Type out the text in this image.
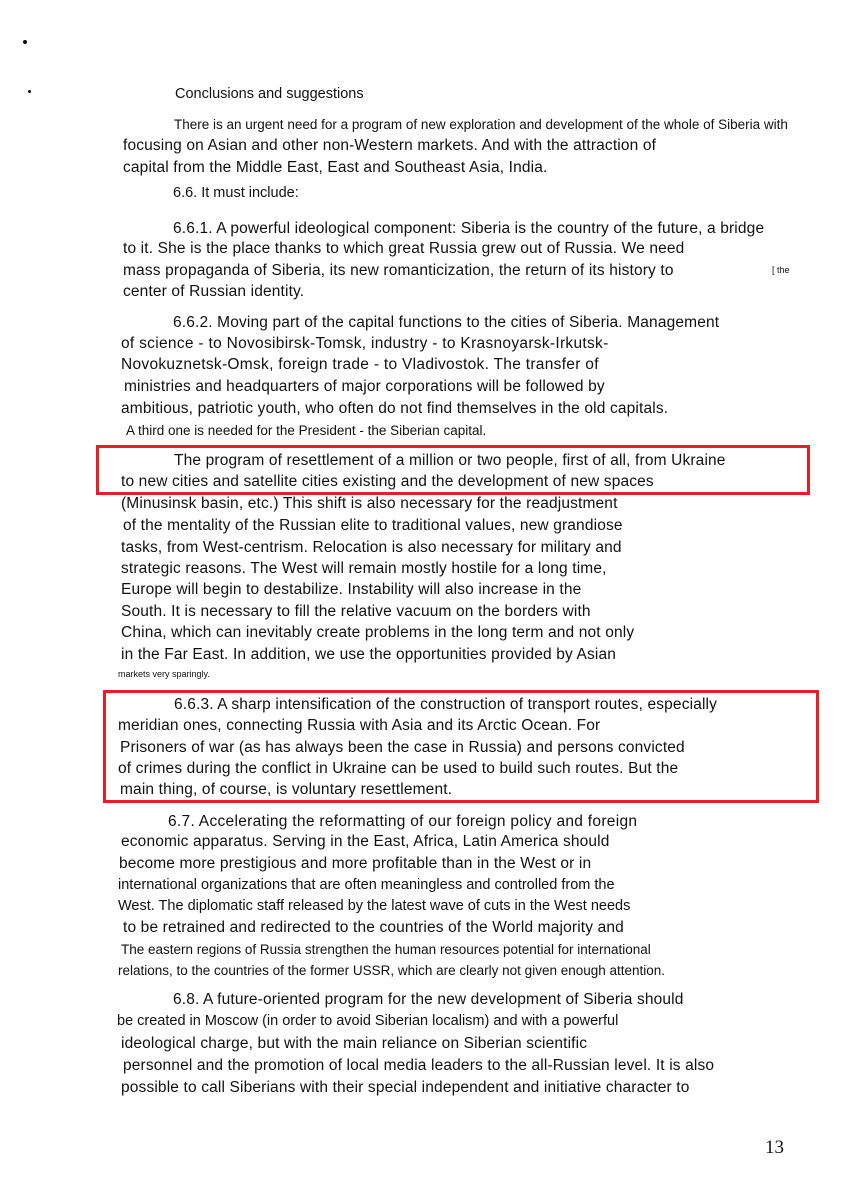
Conclusions and suggestions
There is an urgent need for a program of new exploration and development of the whole of Siberia with
focusing on Asian and other non-Western markets. And with the attraction of
capital from the Middle East, East and Southeast Asia, India.
6.6. It must include:
6.6.1. A powerful ideological component: Siberia is the country of the future, a bridge
to it. She is the place thanks to which great Russia grew out of Russia. We need
mass propaganda of Siberia, its new romanticization, the return of its history to	[ the
center of Russian identity.
6.6.2. Moving part of the capital functions to the cities of Siberia. Management
of science - to Novosibirsk-Tomsk, industry - to Krasnoyarsk-Irkutsk-
Novokuznetsk-Omsk, foreign trade - to Vladivostok. The transfer of
ministries and headquarters of major corporations will be followed by
ambitious, patriotic youth, who often do not find themselves in the old capitals.
A third one is needed for the President - the Siberian capital.
The program of resettlement of a million or two people, first of all, from Ukraine
to new cities and satellite cities existing and the development of new spaces
(Minusinsk basin, etc.) This shift is also necessary for the readjustment
of the mentality of the Russian elite to traditional values, new grandiose
tasks, from West-centrism. Relocation is also necessary for military and
strategic reasons. The West will remain mostly hostile for a long time,
Europe will begin to destabilize. Instability will also increase in the
South. It is necessary to fill the relative vacuum on the borders with
China, which can inevitably create problems in the long term and not only
in the Far East. In addition, we use the opportunities provided by Asian
markets very sparingly.
6.6.3. A sharp intensification of the construction of transport routes, especially
meridian ones, connecting Russia with Asia and its Arctic Ocean. For
Prisoners of war (as has always been the case in Russia) and persons convicted
of crimes during the conflict in Ukraine can be used to build such routes. But the
main thing, of course, is voluntary resettlement.
6.7. Accelerating the reformatting of our foreign policy and foreign
economic apparatus. Serving in the East, Africa, Latin America should
become more prestigious and more profitable than in the West or in
international organizations that are often meaningless and controlled from the
West. The diplomatic staff released by the latest wave of cuts in the West needs
to be retrained and redirected to the countries of the World majority and
The eastern regions of Russia strengthen the human resources potential for international
relations, to the countries of the former USSR, which are clearly not given enough attention.
6.8. A future-oriented program for the new development of Siberia should
be created in Moscow (in order to avoid Siberian localism) and with a powerful
ideological charge, but with the main reliance on Siberian scientific
personnel and the promotion of local media leaders to the all-Russian level. It is also
possible to call Siberians with their special independent and initiative character to
13
